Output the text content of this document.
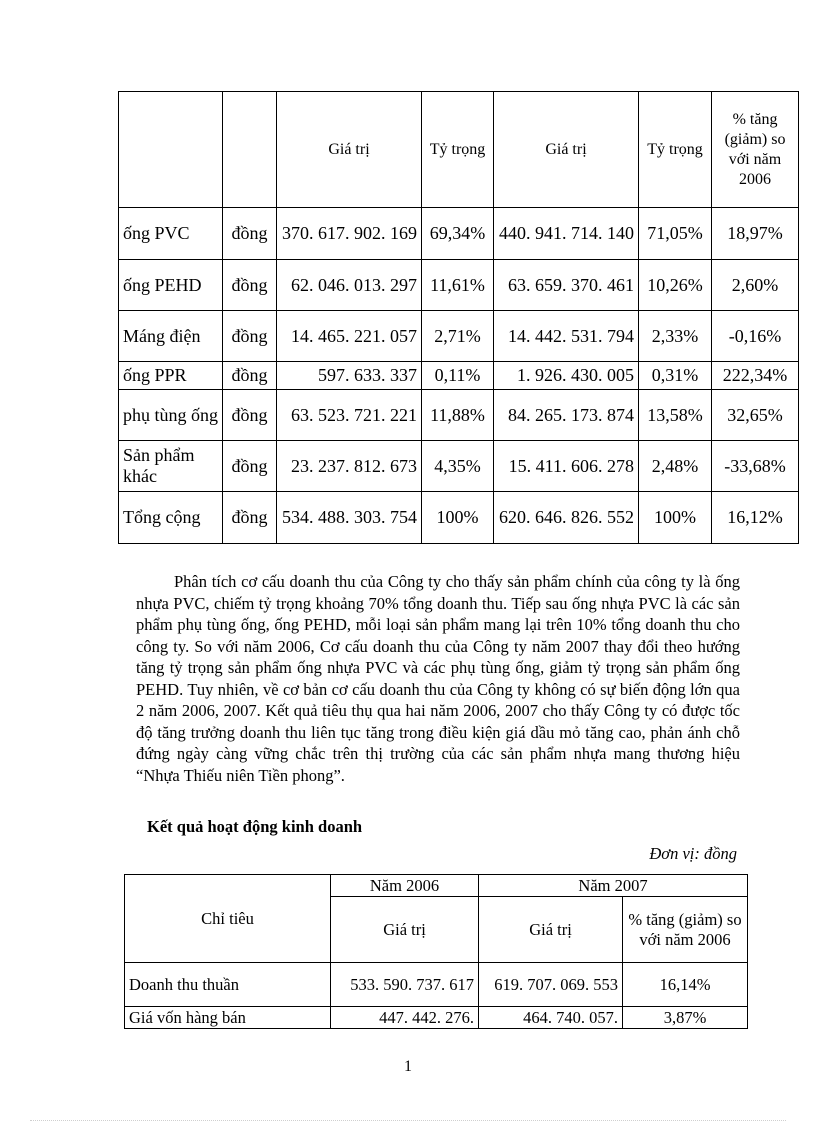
		Giá trị	Tỷ trọng	Giá trị	Tỷ trọng	% tăng (giảm) so với năm 2006
ống PVC	đồng	370. 617. 902. 169	69,34%	440. 941. 714. 140	71,05%	18,97%
ống PEHD	đồng	62. 046. 013. 297	11,61%	63. 659. 370. 461	10,26%	2,60%
Máng điện	đồng	14. 465. 221. 057	2,71%	14. 442. 531. 794	2,33%	-0,16%
ống PPR	đồng	597. 633. 337	0,11%	1. 926. 430. 005	0,31%	222,34%
phụ tùng ống	đồng	63. 523. 721. 221	11,88%	84. 265. 173. 874	13,58%	32,65%
Sản phẩm khác	đồng	23. 237. 812. 673	4,35%	15. 411. 606. 278	2,48%	-33,68%
Tổng cộng	đồng	534. 488. 303. 754	100%	620. 646. 826. 552	100%	16,12%

Phân tích cơ cấu doanh thu của Công ty cho thấy sản phẩm chính của công ty là ống nhựa PVC, chiếm tỷ trọng khoảng 70% tổng doanh thu. Tiếp sau ống nhựa PVC là các sản phẩm phụ tùng ống, ống PEHD, mỗi loại sản phẩm mang lại trên 10% tổng doanh thu cho công ty. So với năm 2006, Cơ cấu doanh thu của Công ty năm 2007 thay đổi theo hướng tăng tỷ trọng sản phẩm ống nhựa PVC và các phụ tùng ống, giảm tỷ trọng sản phẩm ống PEHD. Tuy nhiên, về cơ bản cơ cấu doanh thu của Công ty không có sự biến động lớn qua 2 năm 2006, 2007. Kết quả tiêu thụ qua hai năm 2006, 2007 cho thấy Công ty có được tốc độ tăng trưởng doanh thu liên tục tăng trong điều kiện giá dầu mỏ tăng cao, phản ánh chỗ đứng ngày càng vững chắc trên thị trường của các sản phẩm nhựa mang thương hiệu “Nhựa Thiếu niên Tiền phong”.

Kết quả hoạt động kinh doanh

Đơn vị: đồng
Chỉ tiêu	Năm 2006	Năm 2007	
	Giá trị	Giá trị	% tăng (giảm) so với năm 2006
Doanh thu thuần	533. 590. 737. 617	619. 707. 069. 553	16,14%
Giá vốn hàng bán	447. 442. 276.	464. 740. 057.	3,87%
1
